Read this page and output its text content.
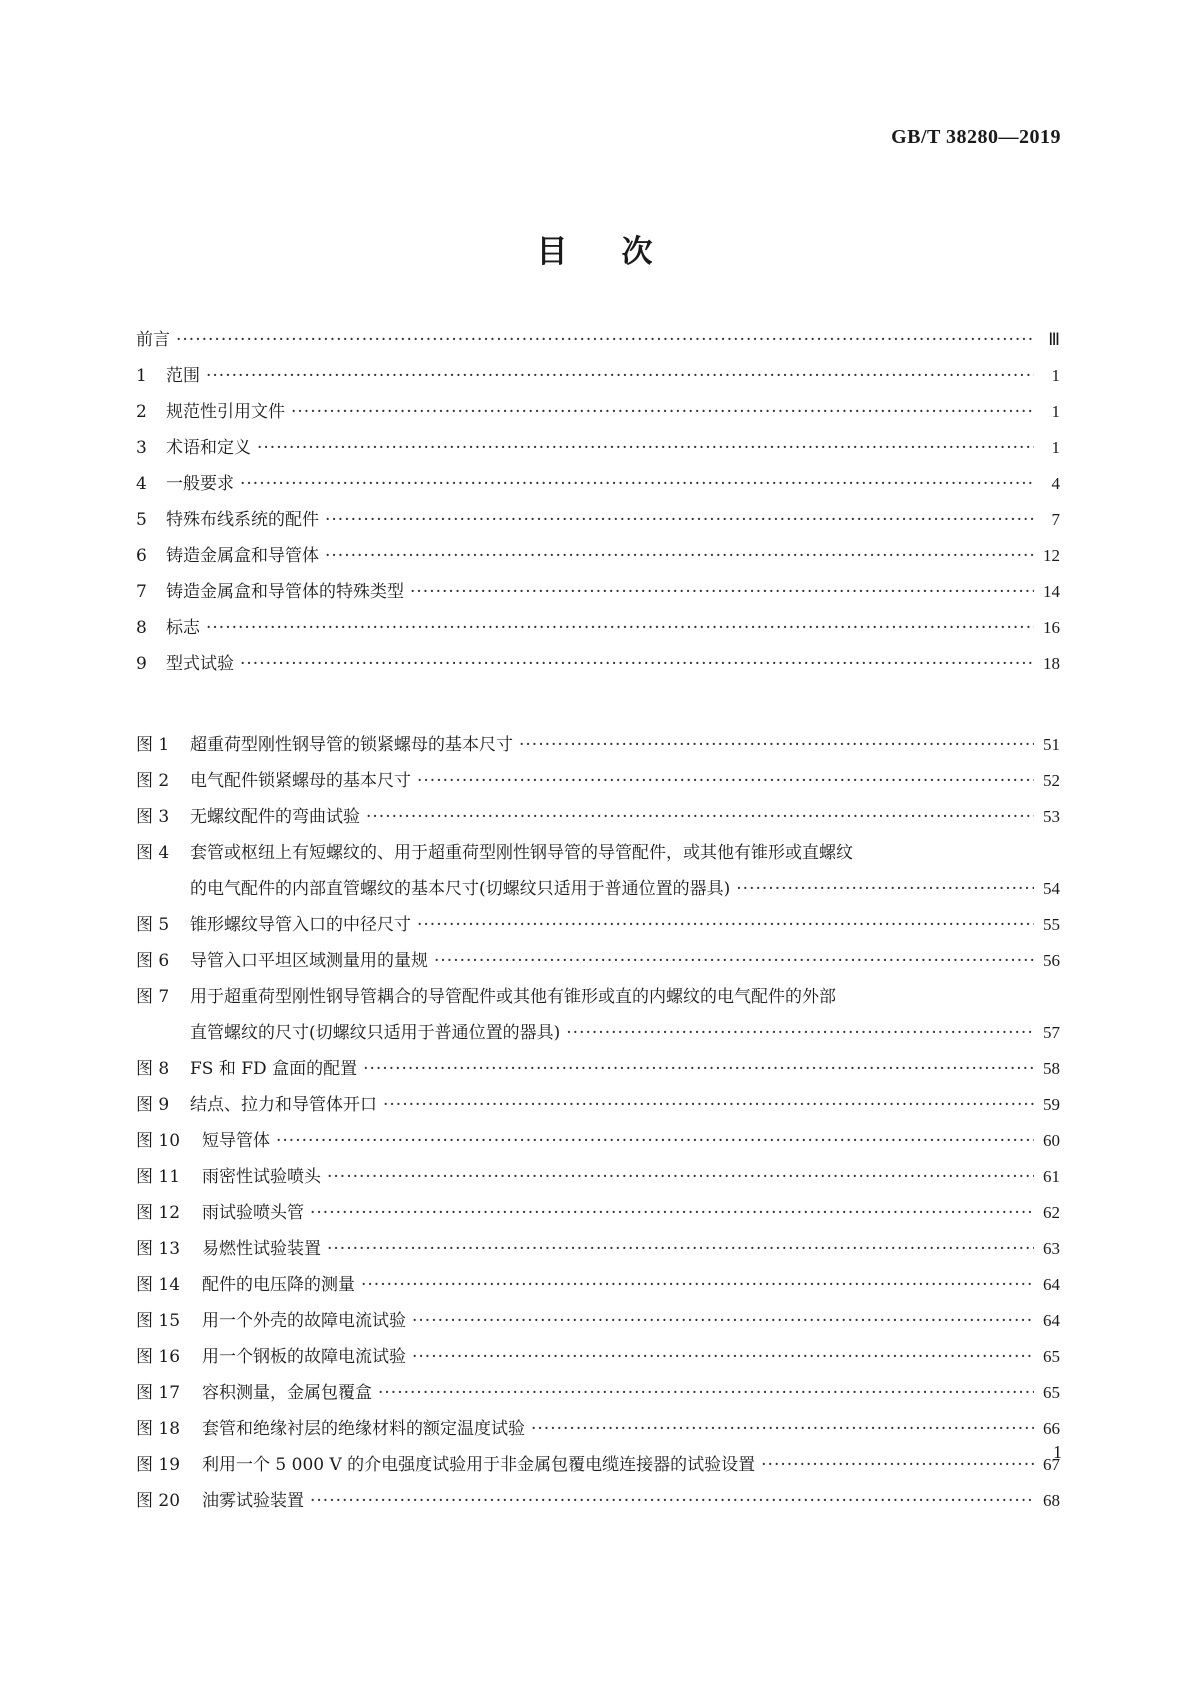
GB/T 38280—2019
目 次
前言 ·····	Ⅲ
1	范围 ·····	1
2	规范性引用文件 ·····	1
3	术语和定义 ·····	1
4	一般要求 ·····	4
5	特殊布线系统的配件 ·····	7
6	铸造金属盒和导管体 ·····	12
7	铸造金属盒和导管体的特殊类型 ·····	14
8	标志 ·····	16
9	型式试验 ·····	18
图 1	超重荷型刚性钢导管的锁紧螺母的基本尺寸 ·····	51
图 2	电气配件锁紧螺母的基本尺寸 ·····	52
图 3	无螺纹配件的弯曲试验 ·····	53
图 4 套管或枢纽上有短螺纹的、用于超重荷型刚性钢导管的导管配件，或其他有锥形或直螺纹
的电气配件的内部直管螺纹的基本尺寸(切螺纹只适用于普通位置的器具) ·····	54
图 5	锥形螺纹导管入口的中径尺寸 ·····	55
图 6	导管入口平坦区域测量用的量规 ·····	56
图 7 用于超重荷型刚性钢导管耦合的导管配件或其他有锥形或直的内螺纹的电气配件的外部
直管螺纹的尺寸(切螺纹只适用于普通位置的器具) ·····	57
图 8	FS 和 FD 盒面的配置 ·····	58
图 9	结点、拉力和导管体开口 ·····	59
图 10	短导管体 ·····	60
图 11	雨密性试验喷头 ·····	61
图 12	雨试验喷头管 ·····	62
图 13	易燃性试验装置 ·····	63
图 14	配件的电压降的测量 ·····	64
图 15	用一个外壳的故障电流试验 ·····	64
图 16	用一个钢板的故障电流试验 ·····	65
图 17	容积测量，金属包覆盒 ·····	65
图 18	套管和绝缘衬层的绝缘材料的额定温度试验 ·····	66
图 19	利用一个 5 000 V 的介电强度试验用于非金属包覆电缆连接器的试验设置 ·····	67
图 20	油雾试验装置 ·····	68
1
